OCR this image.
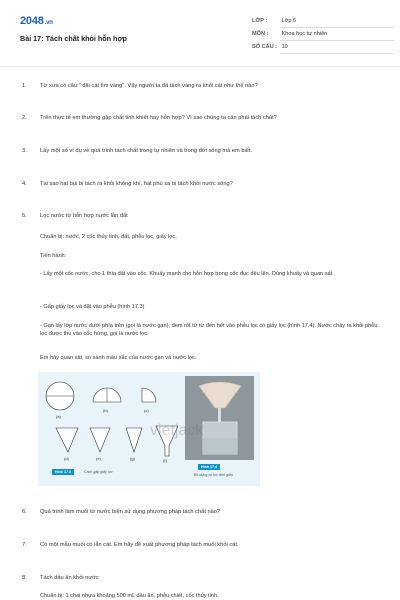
2048.vn
Bài 17: Tách chất khỏi hỗn hợp
LỚP :	Lớp 6
MÔN : Khoa học tự nhiên
SỐ CÂU : 19
1.	Từ xưa có câu:" đãi cát tìm vàng". Vậy người ta đã tách vàng ra khỏi cát như thế nào?
2.	Trên thực tế em thường gặp chất tinh khiết hay hỗn hợp? Vì sao chúng ta cần phải tách chất?
3.	Lấy một số ví dụ về quá trình tách chất trong tự nhiên và trong đời sống mà em biết.
4.	Tại sao hạt bụi bị tách ra khỏi không khí, hạt phù sa bị tách khỏi nước sông?
5.	Lọc nước từ hỗn hợp nước lẫn đất
Chuẩn bị: nước, 2 cốc thủy tinh, đất, phễu lọc, giấy lọc.
Tiến hành:
- Lấy một cốc nước, cho 1 thìa đất vào cốc. Khuấy mạnh cho hỗn hợp trong cốc đục đều lên. Dùng khuấy và quan sát.
- Gấp giấy lọc và đặt vào phễu (hình 17.3)
- Gạn lấy lớp nước dưới phía trên (gọi là nước gạn), đem rót từ từ đến hết vào phễu lọc có giấy lọc (hình 17.4). Nước chảy ra khỏi phễu lọc được thu vào cốc hứng, gọi là nước lọc.
Em hãy quan sát, so sánh màu sắc của nước gạn và nước lọc.
(a)
(b)	(c)
(d)	(e)	(g)	(f)
Hình 17.3	Cách gấp giấy lọc
Hình 17.4
Bộ dụng cụ lọc đơn giản
vietjack
6.	Quá trình làm muối từ nước biển sử dụng phương pháp tách chất nào?
7.	Có một mẫu muối có lẫn cát. Em hãy đề xuất phương pháp tách muối khỏi cát.
8.	Tách dầu ăn khỏi nước
Chuẩn bị: 1 chai nhựa khoảng 500 mL dầu ăn, phễu chiết, cốc thủy tinh.
